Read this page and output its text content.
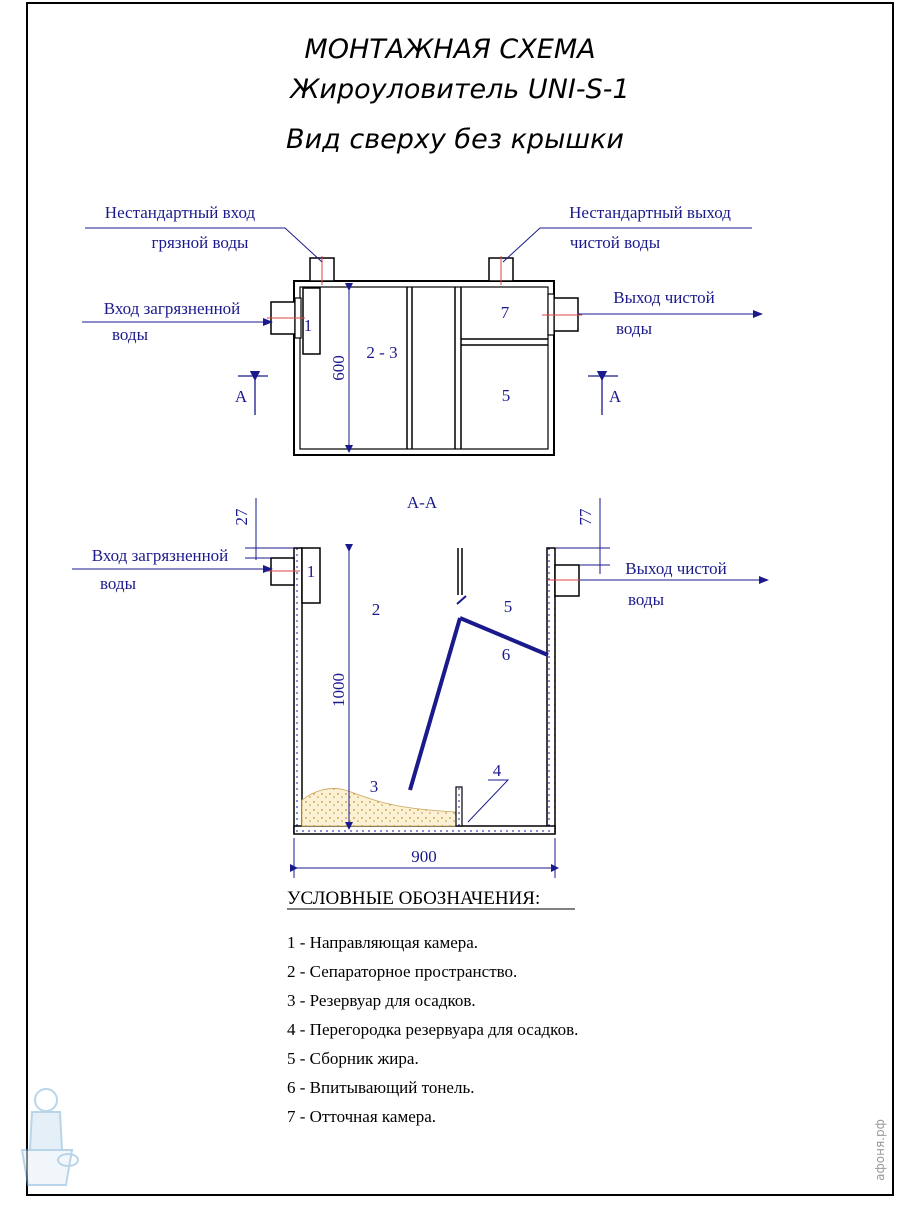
МОНТАЖНАЯ СХЕМА
Жироуловитель UNI-S-1
Вид сверху без крышки
1
2 - 3
7
5
600
A	A
Нестандартный вход
грязной воды
Нестандартный выход
чистой воды
Вход загрязненной
воды
Выход чистой
воды
A-A
1
2
3
4
5
6
1000
27	77
900
Вход загрязненной
воды
Выход чистой
воды
УСЛОВНЫЕ ОБОЗНАЧЕНИЯ:
1 - Направляющая камера.
2 - Сепараторное пространство.
3 - Резервуар для осадков.
4 - Перегородка резервуара для осадков.
5 - Сборник жира.
6 - Впитывающий тонель.
7 - Отточная камера.
афоня.рф
